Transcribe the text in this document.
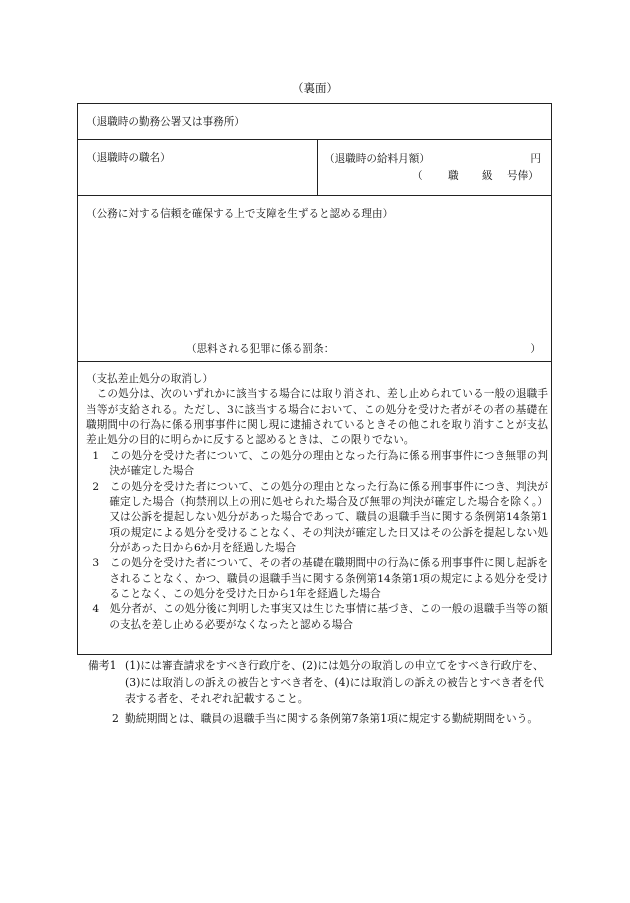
（裏面）
（退職時の勤務公署又は事務所）
（退職時の職名）	（退職時の給料月額）	円
（ 職 級 号俸）
（公務に対する信頼を確保する上で支障を生ずると認める理由）
（思料される犯罪に係る罰条：	）

（支払差止処分の取消し）

この処分は、次のいずれかに該当する場合には取り消され、差し止められている一般の退職手当等が支給される。ただし、3に該当する場合において、この処分を受けた者がその者の基礎在職期間中の行為に係る刑事事件に関し現に逮捕されているときその他これを取り消すことが支払差止処分の目的に明らかに反すると認めるときは、この限りでない。

1　この処分を受けた者について、この処分の理由となった行為に係る刑事事件につき無罪の判決が確定した場合

2　この処分を受けた者について、この処分の理由となった行為に係る刑事事件につき、判決が確定した場合（拘禁刑以上の刑に処せられた場合及び無罪の判決が確定した場合を除く。）又は公訴を提起しない処分があった場合であって、職員の退職手当に関する条例第14条第1項の規定による処分を受けることなく、その判決が確定した日又はその公訴を提起しない処分があった日から6か月を経過した場合

3　この処分を受けた者について、その者の基礎在職期間中の行為に係る刑事事件に関し起訴をされることなく、かつ、職員の退職手当に関する条例第14条第1項の規定による処分を受けることなく、この処分を受けた日から1年を経過した場合

4　処分者が、この処分後に判明した事実又は生じた事情に基づき、この一般の退職手当等の額の支払を差し止める必要がなくなったと認める場合

備考1 (1)には審査請求をすべき行政庁を、(2)には処分の取消しの申立てをすべき行政庁を、(3)には取消しの訴えの被告とすべき者を、(4)には取消しの訴えの被告とすべき者を代表する者を、それぞれ記載すること。

2 勤続期間とは、職員の退職手当に関する条例第7条第1項に規定する勤続期間をいう。
